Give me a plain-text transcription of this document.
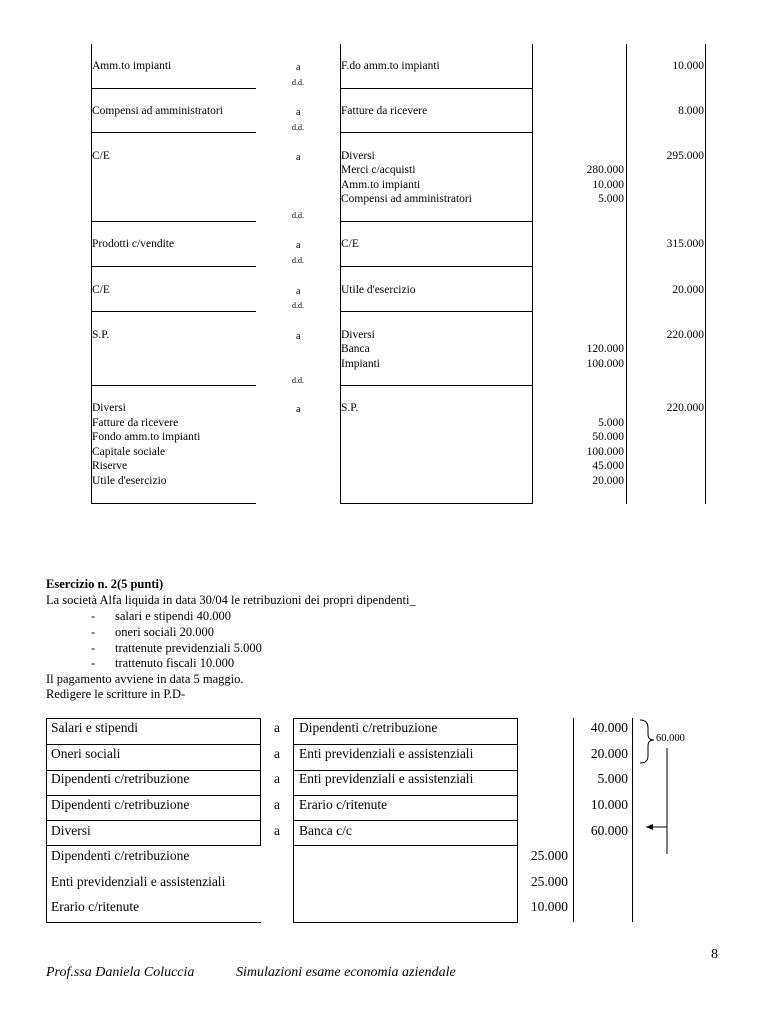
Amm.to impianti	a	F.do amm.to impianti	10.000
d.d.
Compensi ad amministratori	a	Fatture da ricevere	8.000
d.d.
C/E	a	Diversi	295.000
Merci c/acquisti	280.000
Amm.to impianti	10.000
Compensi ad amministratori	5.000
d.d.
Prodotti c/vendite	a	C/E	315.000
d.d.
C/E	a	Utile d'esercizio	20.000
d.d.
S.P.	a	Diversi	220.000
Banca	120.000
Impianti	100.000
d.d.
Diversi	a	S.P.	220.000
Fatture da ricevere	5.000
Fondo amm.to impianti	50.000
Capitale sociale	100.000
Riserve	45.000
Utile d'esercizio	20.000
Esercizio n. 2(5 punti)
La società Alfa liquida in data 30/04 le retribuzioni dei propri dipendenti_
- salari e stipendi 40.000
- oneri sociali 20.000
- trattenute previdenziali 5.000
- trattenuto fiscali 10.000
Il pagamento avviene in data 5 maggio.
Redigere le scritture in P.D-
Salari e stipendi	a Dipendenti c/retribuzione	40.000
Oneri sociali	a Enti previdenziali e assistenziali	20.000
Dipendenti c/retribuzione	a Enti previdenziali e assistenziali	5.000
Dipendenti c/retribuzione	a Erario c/ritenute	10.000
Diversi	a Banca c/c	60.000
Dipendenti c/retribuzione	25.000
Enti previdenziali e assistenziali	25.000
Erario c/ritenute	10.000
60.000
8
Prof.ssa Daniela Coluccia	Simulazioni esame economia aziendale
